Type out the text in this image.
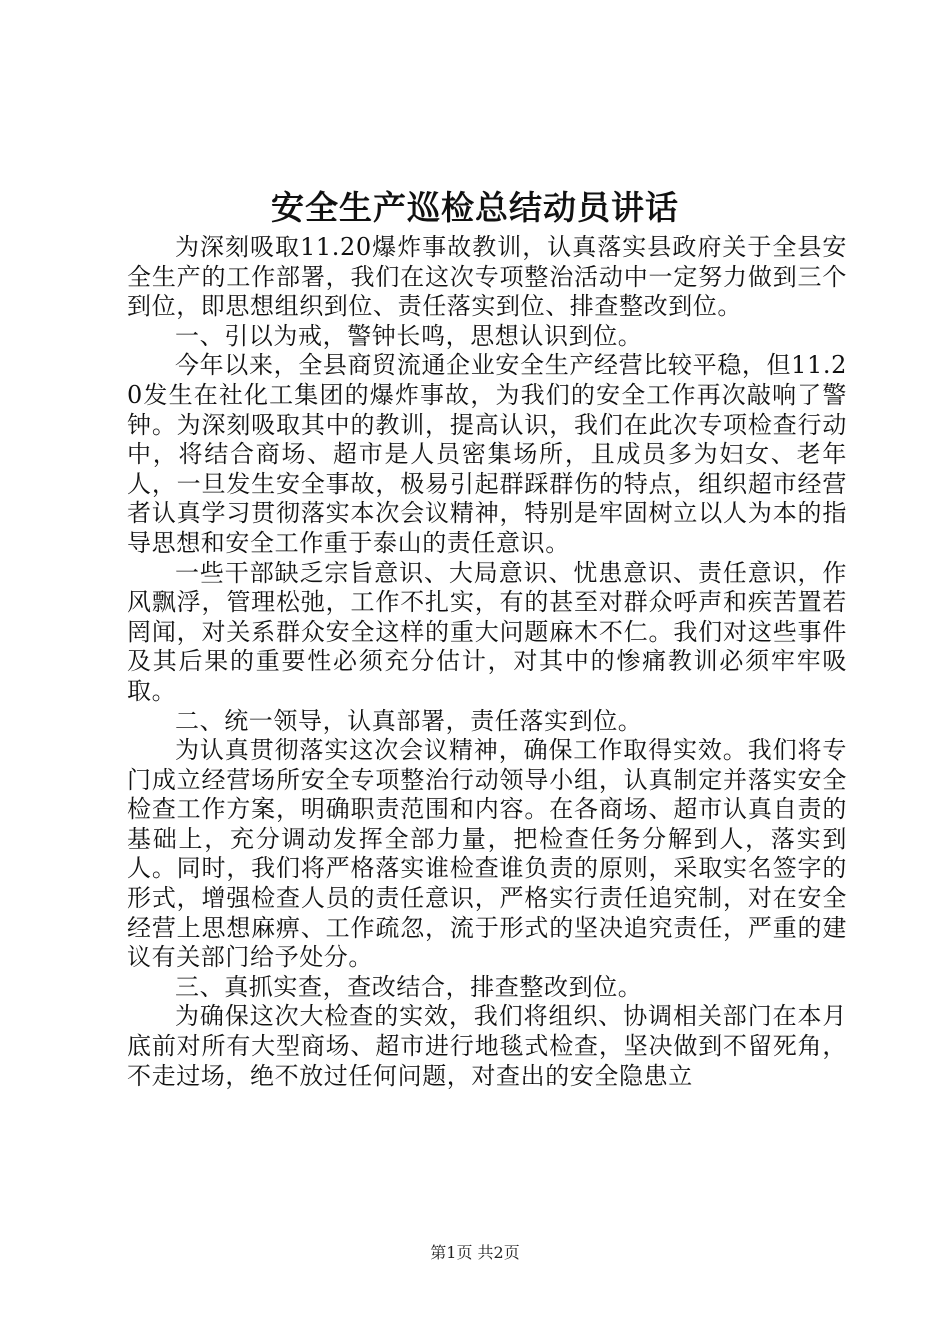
安全生产巡检总结动员讲话

为深刻吸取11.20爆炸事故教训，认真落实县政府关于全县安全生产的工作部署，我们在这次专项整治活动中一定努力做到三个到位，即思想组织到位、责任落实到位、排查整改到位。

一、引以为戒，警钟长鸣，思想认识到位。

今年以来，全县商贸流通企业安全生产经营比较平稳，但11.20发生在社化工集团的爆炸事故，为我们的安全工作再次敲响了警钟。为深刻吸取其中的教训，提高认识，我们在此次专项检查行动中，将结合商场、超市是人员密集场所，且成员多为妇女、老年人，一旦发生安全事故，极易引起群踩群伤的特点，组织超市经营者认真学习贯彻落实本次会议精神，特别是牢固树立以人为本的指导思想和安全工作重于泰山的责任意识。

一些干部缺乏宗旨意识、大局意识、忧患意识、责任意识，作风飘浮，管理松弛，工作不扎实，有的甚至对群众呼声和疾苦置若罔闻，对关系群众安全这样的重大问题麻木不仁。我们对这些事件及其后果的重要性必须充分估计，对其中的惨痛教训必须牢牢吸取。

二、统一领导，认真部署，责任落实到位。

为认真贯彻落实这次会议精神，确保工作取得实效。我们将专门成立经营场所安全专项整治行动领导小组，认真制定并落实安全检查工作方案，明确职责范围和内容。在各商场、超市认真自责的基础上，充分调动发挥全部力量，把检查任务分解到人，落实到人。同时，我们将严格落实谁检查谁负责的原则，采取实名签字的形式，增强检查人员的责任意识，严格实行责任追究制，对在安全经营上思想麻痹、工作疏忽，流于形式的坚决追究责任，严重的建议有关部门给予处分。

三、真抓实查，查改结合，排查整改到位。

为确保这次大检查的实效，我们将组织、协调相关部门在本月底前对所有大型商场、超市进行地毯式检查，坚决做到不留死角，不走过场，绝不放过任何问题，对查出的安全隐患立

第1页 共2页
